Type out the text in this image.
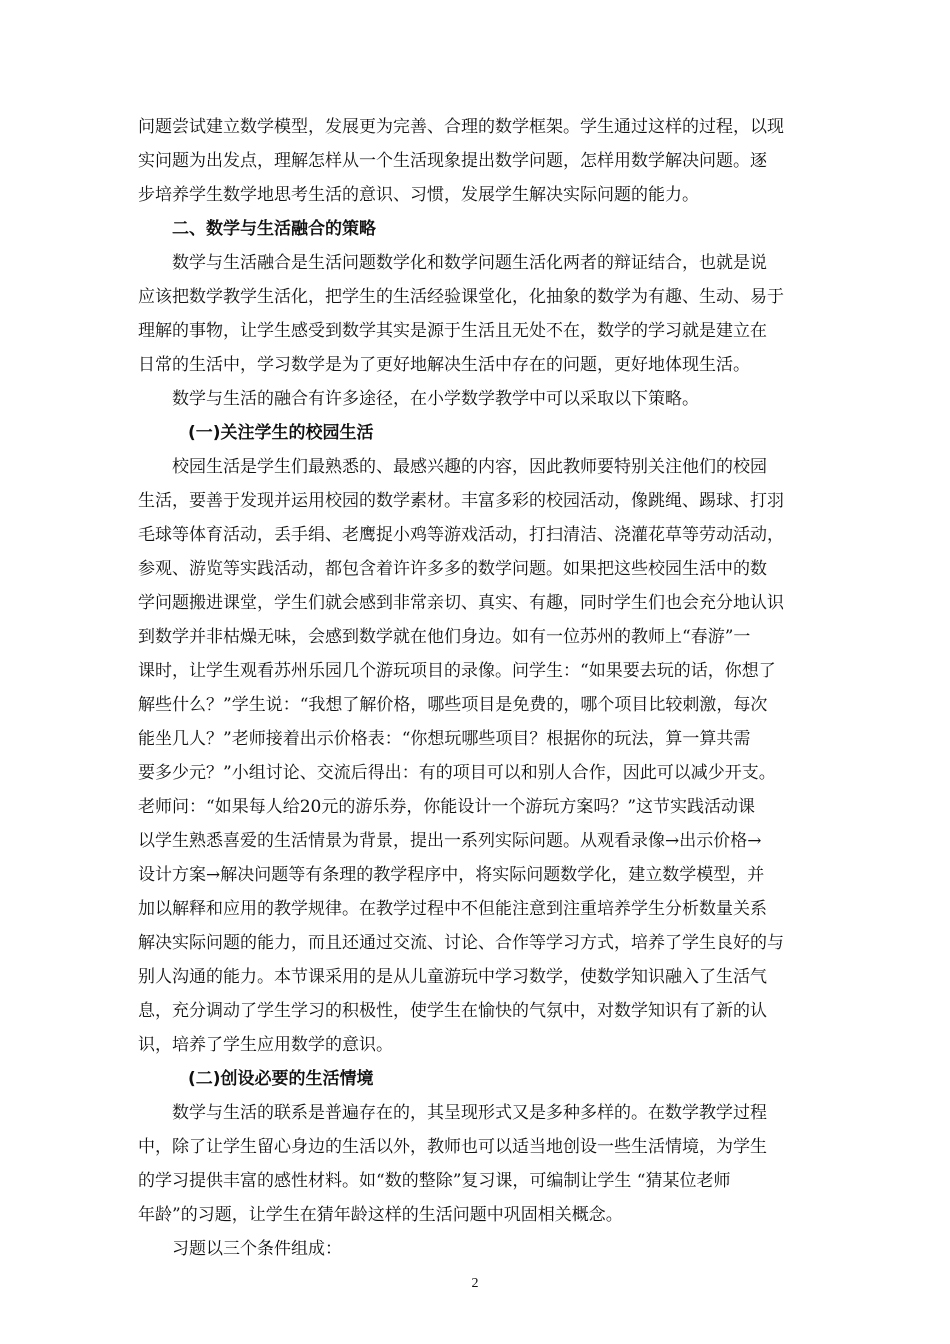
问题尝试建立数学模型，发展更为完善、合理的数学框架。学生通过这样的过程，以现
实问题为出发点，理解怎样从一个生活现象提出数学问题，怎样用数学解决问题。逐
步培养学生数学地思考生活的意识、习惯，发展学生解决实际问题的能力。
二、数学与生活融合的策略
数学与生活融合是生活问题数学化和数学问题生活化两者的辩证结合，也就是说
应该把数学教学生活化，把学生的生活经验课堂化，化抽象的数学为有趣、生动、易于
理解的事物，让学生感受到数学其实是源于生活且无处不在，数学的学习就是建立在
日常的生活中，学习数学是为了更好地解决生活中存在的问题，更好地体现生活。
数学与生活的融合有许多途径，在小学数学教学中可以采取以下策略。
(一)关注学生的校园生活
校园生活是学生们最熟悉的、最感兴趣的内容，因此教师要特别关注他们的校园
生活，要善于发现并运用校园的数学素材。丰富多彩的校园活动，像跳绳、踢球、打羽
毛球等体育活动，丢手绢、老鹰捉小鸡等游戏活动，打扫清洁、浇灌花草等劳动活动，
参观、游览等实践活动，都包含着许许多多的数学问题。如果把这些校园生活中的数
学问题搬进课堂，学生们就会感到非常亲切、真实、有趣，同时学生们也会充分地认识
到数学并非枯燥无味，会感到数学就在他们身边。如有一位苏州的教师上“春游”一
课时，让学生观看苏州乐园几个游玩项目的录像。问学生：“如果要去玩的话，你想了
解些什么？”学生说：“我想了解价格，哪些项目是免费的，哪个项目比较刺激，每次
能坐几人？”老师接着出示价格表：“你想玩哪些项目？根据你的玩法，算一算共需
要多少元？”小组讨论、交流后得出：有的项目可以和别人合作，因此可以减少开支。
老师问：“如果每人给20元的游乐券，你能设计一个游玩方案吗？”这节实践活动课
以学生熟悉喜爱的生活情景为背景，提出一系列实际问题。从观看录像→出示价格→
设计方案→解决问题等有条理的教学程序中，将实际问题数学化，建立数学模型，并
加以解释和应用的教学规律。在教学过程中不但能注意到注重培养学生分析数量关系
解决实际问题的能力，而且还通过交流、讨论、合作等学习方式，培养了学生良好的与
别人沟通的能力。本节课采用的是从儿童游玩中学习数学，使数学知识融入了生活气
息，充分调动了学生学习的积极性，使学生在愉快的气氛中，对数学知识有了新的认
识，培养了学生应用数学的意识。
(二)创设必要的生活情境
数学与生活的联系是普遍存在的，其呈现形式又是多种多样的。在数学教学过程
中，除了让学生留心身边的生活以外，教师也可以适当地创设一些生活情境，为学生
的学习提供丰富的感性材料。如“数的整除”复习课，可编制让学生 “猜某位老师
年龄”的习题，让学生在猜年龄这样的生活问题中巩固相关概念。
习题以三个条件组成：
2
